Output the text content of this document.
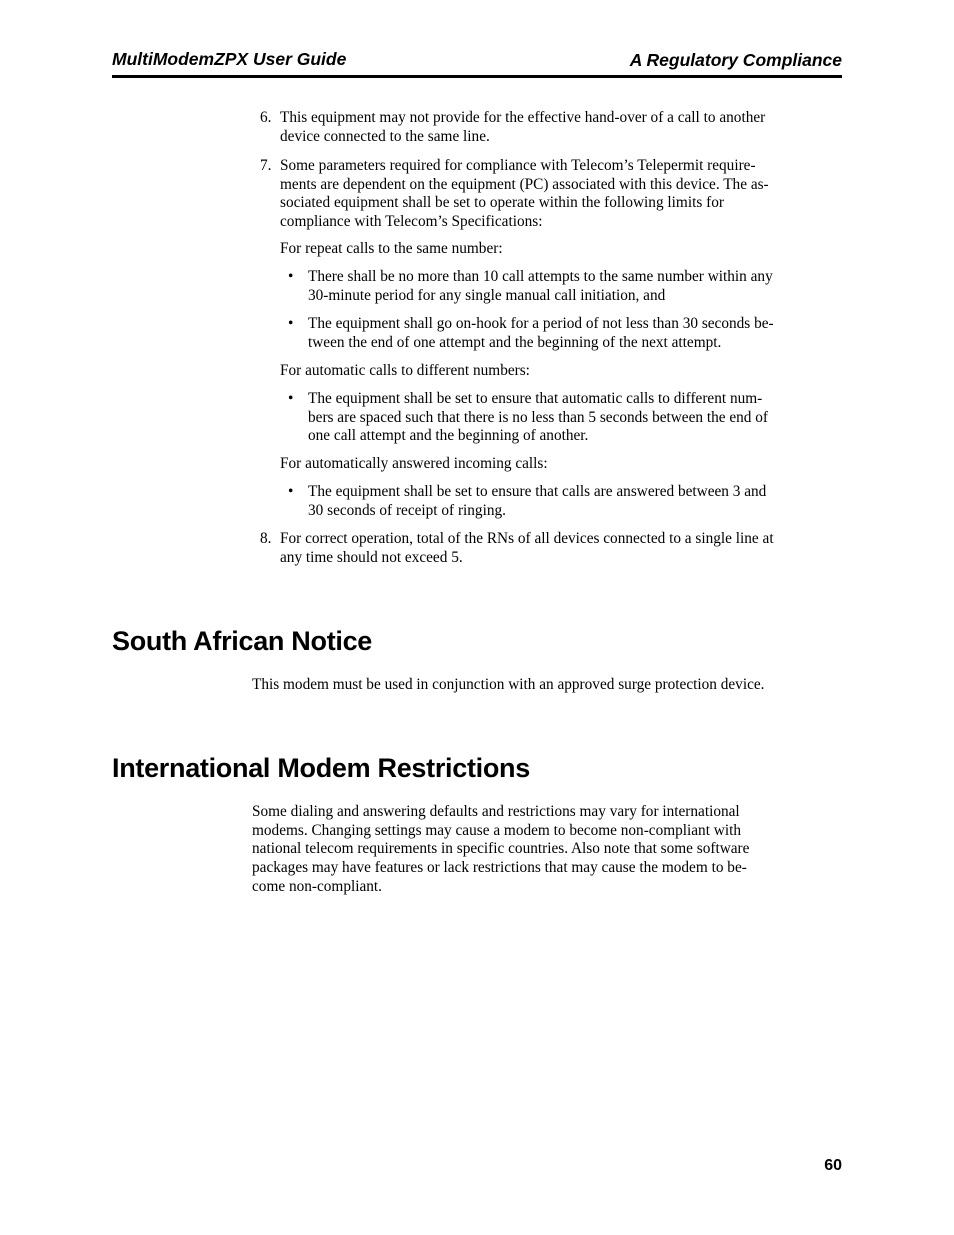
MultiModemZPX User Guide	A Regulatory Compliance
6. This equipment may not provide for the effective hand-over of a call to another
device connected to the same line.
7. Some parameters required for compliance with Telecom’s Telepermit require-
ments are dependent on the equipment (PC) associated with this device. The as-
sociated equipment shall be set to operate within the following limits for
compliance with Telecom’s Specifications:
For repeat calls to the same number:
• There shall be no more than 10 call attempts to the same number within any
30-minute period for any single manual call initiation, and
• The equipment shall go on-hook for a period of not less than 30 seconds be-
tween the end of one attempt and the beginning of the next attempt.
For automatic calls to different numbers:
• The equipment shall be set to ensure that automatic calls to different num-
bers are spaced such that there is no less than 5 seconds between the end of
one call attempt and the beginning of another.
For automatically answered incoming calls:
• The equipment shall be set to ensure that calls are answered between 3 and
30 seconds of receipt of ringing.
8. For correct operation, total of the RNs of all devices connected to a single line at
any time should not exceed 5.
South African Notice
This modem must be used in conjunction with an approved surge protection device.
International Modem Restrictions
Some dialing and answering defaults and restrictions may vary for international
modems. Changing settings may cause a modem to become non-compliant with
national telecom requirements in specific countries. Also note that some software
packages may have features or lack restrictions that may cause the modem to be-
come non-compliant.
60
